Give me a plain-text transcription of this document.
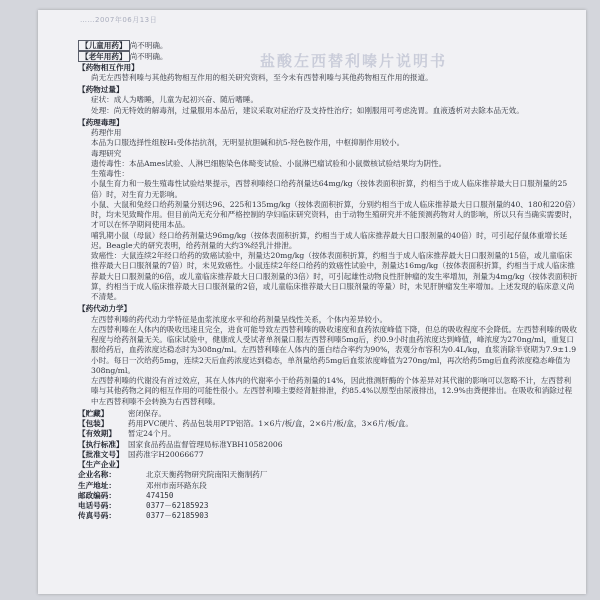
……2007年06月13日
盐酸左西替利嗪片说明书

【儿童用药】 尚不明确。

【老年用药】 尚不明确。

【药物相互作用】

尚无左西替利嗪与其他药物相互作用的相关研究资料，至今未有西替利嗪与其他药物相互作用的报道。

【药物过量】

症状：成人为嗜睡，儿童为起初兴奋、随后嗜睡。

处理：尚无特效的解毒剂，过量服用本品后，建议采取对症治疗及支持性治疗；如刚服用可考虑洗胃。血液透析对去除本品无效。

【药理毒理】

药理作用

本品为口服选择性组胺H₁受体拮抗剂，无明显抗胆碱和抗5-羟色胺作用，中枢抑制作用较小。

毒理研究

遗传毒性：本品Ames试验、人淋巴细胞染色体畸变试验、小鼠淋巴瘤试验和小鼠微核试验结果均为阴性。

生殖毒性：

小鼠生育力和一般生殖毒性试验结果提示，西替利嗪经口给药剂量达64mg/kg（按体表面积折算，约相当于成人临床推荐最大日口服剂量的25倍）时，对生育力无影响。

小鼠、大鼠和兔经口给药剂量分别达96、225和135mg/kg（按体表面积折算，分别约相当于成人临床推荐最大日口服剂量的40、180和220倍）时，均未见致畸作用。但目前尚无充分和严格控制的孕妇临床研究资料，由于动物生殖研究并不能预测药物对人的影响，所以只有当确实需要时，才可以在怀孕期间使用本品。

哺乳期小鼠（母鼠）经口给药剂量达96mg/kg（按体表面积折算，约相当于成人临床推荐最大日口服剂量的40倍）时，可引起仔鼠体重增长延迟。Beagle犬的研究表明，给药剂量的大约3%经乳汁排泄。

致癌性：大鼠连续2年经口给药的致癌试验中，剂量达20mg/kg（按体表面积折算，约相当于成人临床推荐最大日口服剂量的15倍，或儿童临床推荐最大日口服剂量的7倍）时，未见致癌性。小鼠连续2年经口给药的致癌性试验中，剂量达16mg/kg（按体表面积折算，约相当于成人临床推荐最大日口服剂量的6倍，或儿童临床推荐最大日口服剂量的3倍）时，可引起雄性动物良性肝肿瘤的发生率增加，剂量为4mg/kg（按体表面积折算，约相当于成人临床推荐最大日口服剂量的2倍，或儿童临床推荐最大日口服剂量的等量）时，未见肝肿瘤发生率增加。上述发现的临床意义尚不清楚。

【药代动力学】

左西替利嗪的药代动力学特征是血浆浓度水平和给药剂量呈线性关系，个体内差异较小。

左西替利嗪在人体内的吸收迅速且完全，进食可能导致左西替利嗪的吸收速度和血药浓度峰值下降，但总的吸收程度不会降低。左西替利嗪的吸收程度与给药剂量无关。临床试验中，健康成人受试者单剂量口服左西替利嗪5mg后，约0.9小时血药浓度达到峰值，峰浓度为270ng/ml，重复口服给药后，血药浓度达稳态时为308ng/ml。左西替利嗪在人体内的蛋白结合率约为90%，表观分布容积为0.4L/kg，血浆消除半衰期为7.9±1.9小时。每日一次给药5mg，连续2天后血药浓度达到稳态，单剂量给药5mg后血浆浓度峰值为270ng/ml，再次给药5mg后血药浓度稳态峰值为308ng/ml。

左西替利嗪的代谢没有首过效应，其在人体内的代谢率小于给药剂量的14%，因此推测肝酶的个体差异对其代谢的影响可以忽略不计，左西替利嗪与其他药物之间的相互作用的可能性很小。左西替利嗪主要经肾脏排泄，约85.4%以原型由尿液排出，12.9%由粪便排出。在吸收和消除过程中左西替利嗪不会转换为右西替利嗪。

【贮藏】	密闭保存。
【包装】	药用PVC硬片、药品包装用PTP铝箔。1×6片/板/盒，2×6片/板/盒，3×6片/板/盒。
【有效期】	暂定24个月。
【执行标准】 国家食品药品监督管理局标准YBH10582006
【批准文号】 国药准字H20066677

【生产企业】

企业名称：	北京天衡药物研究院南阳天衡制药厂
生产地址：	邓州市南环路东段
邮政编码：	474150
电话号码：	0377－62185923
传真号码：	0377－62185903
